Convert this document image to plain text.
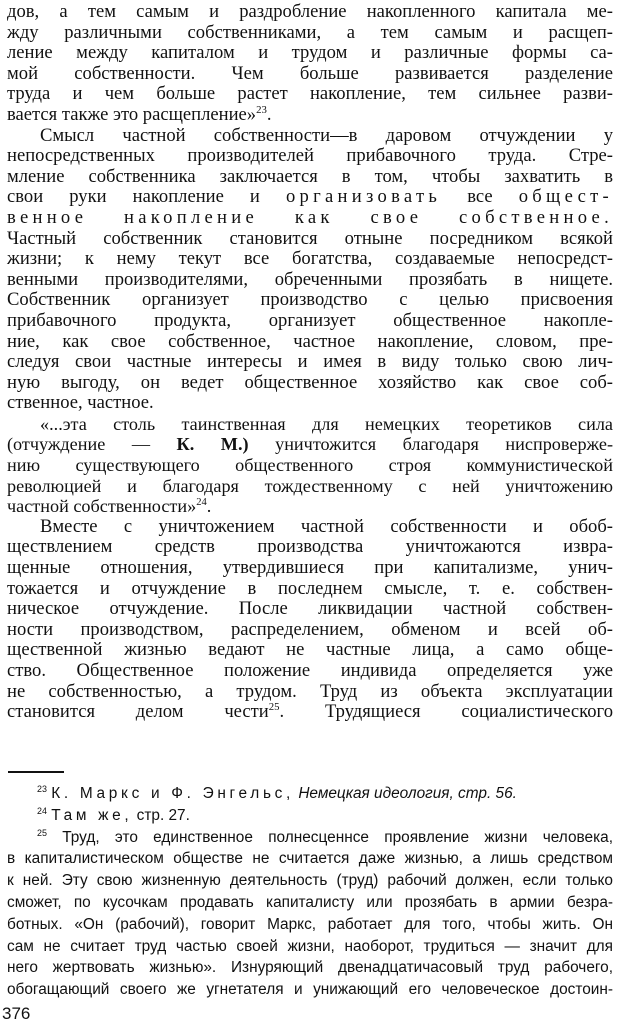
дов, а тем самым и раздробление накопленного капитала ме-
жду различными собственниками, а тем самым и расщеп-
ление между капиталом и трудом и различные формы са-
мой собственности. Чем больше развивается разделение
труда и чем больше растет накопление, тем сильнее разви-
вается также это расщепление»$^{23}$.
Смысл частной собственности—в даровом отчуждении у
непосредственных производителей прибавочного труда. Стре-
мление собственника заключается в том, чтобы захватить в
свои руки накопление и организовать все общест-
венное накопление как свое собственное.
Частный собственник становится отныне посредником всякой
жизни; к нему текут все богатства, создаваемые непосредст-
венными производителями, обреченными прозябать в нищете.
Собственник организует производство с целью присвоения
прибавочного продукта, организует общественное накопле-
ние, как свое собственное, частное накопление, словом, пре-
следуя свои частные интересы и имея в виду только свою лич-
ную выгоду, он ведет общественное хозяйство как свое соб-
ственное, частное.
«...эта столь таинственная для немецких теоретиков сила
(отчуждение — К. М.) уничтожится благодаря ниспроверже-
нию существующего общественного строя коммунистической
революцией и благодаря тождественному с ней уничтожению
частной собственности»$^{24}$.
Вместе с уничтожением частной собственности и обоб-
ществлением средств производства уничтожаются изврa-
щенные отношения, утвердившиеся при капитализме, унич-
тожается и отчуждение в последнем смысле, т. е. собствен-
ническое отчуждение. После ликвидации частной собствен-
ности производством, распределением, обменом и всей об-
щественной жизнью ведают не частные лица, а само обще-
ство. Общественное положение индивида определяется уже
не собственностью, а трудом. Труд из объекта эксплуатации
становится делом чести$^{25}$. Трудящиеся социалистического
$^{23}$ К. Маркс и Ф. Энгельс, Немецкая идеология, стр. 56.
$^{24}$ Там же, стр. 27.
$^{25}$ Труд, это единственное полнесценнсе проявление жизни человека,
в капиталистическом обществе не считается даже жизнью, а лишь средством
к ней. Эту свою жизненную деятельность (труд) рабочий должен, если только
сможет, по кусочкам продавать капиталисту или прозябать в армии безра-
ботных. «Он (рабочий), говорит Маркс, работает для того, чтобы жить. Он
сам не считает труд частью своей жизни, наоборот, трудиться — значит для
него жертвовать жизнью». Изнуряющий двенадцатичасовый труд рабочего,
обогащающий своего же угнетателя и унижающий его человеческое достоин-
376
